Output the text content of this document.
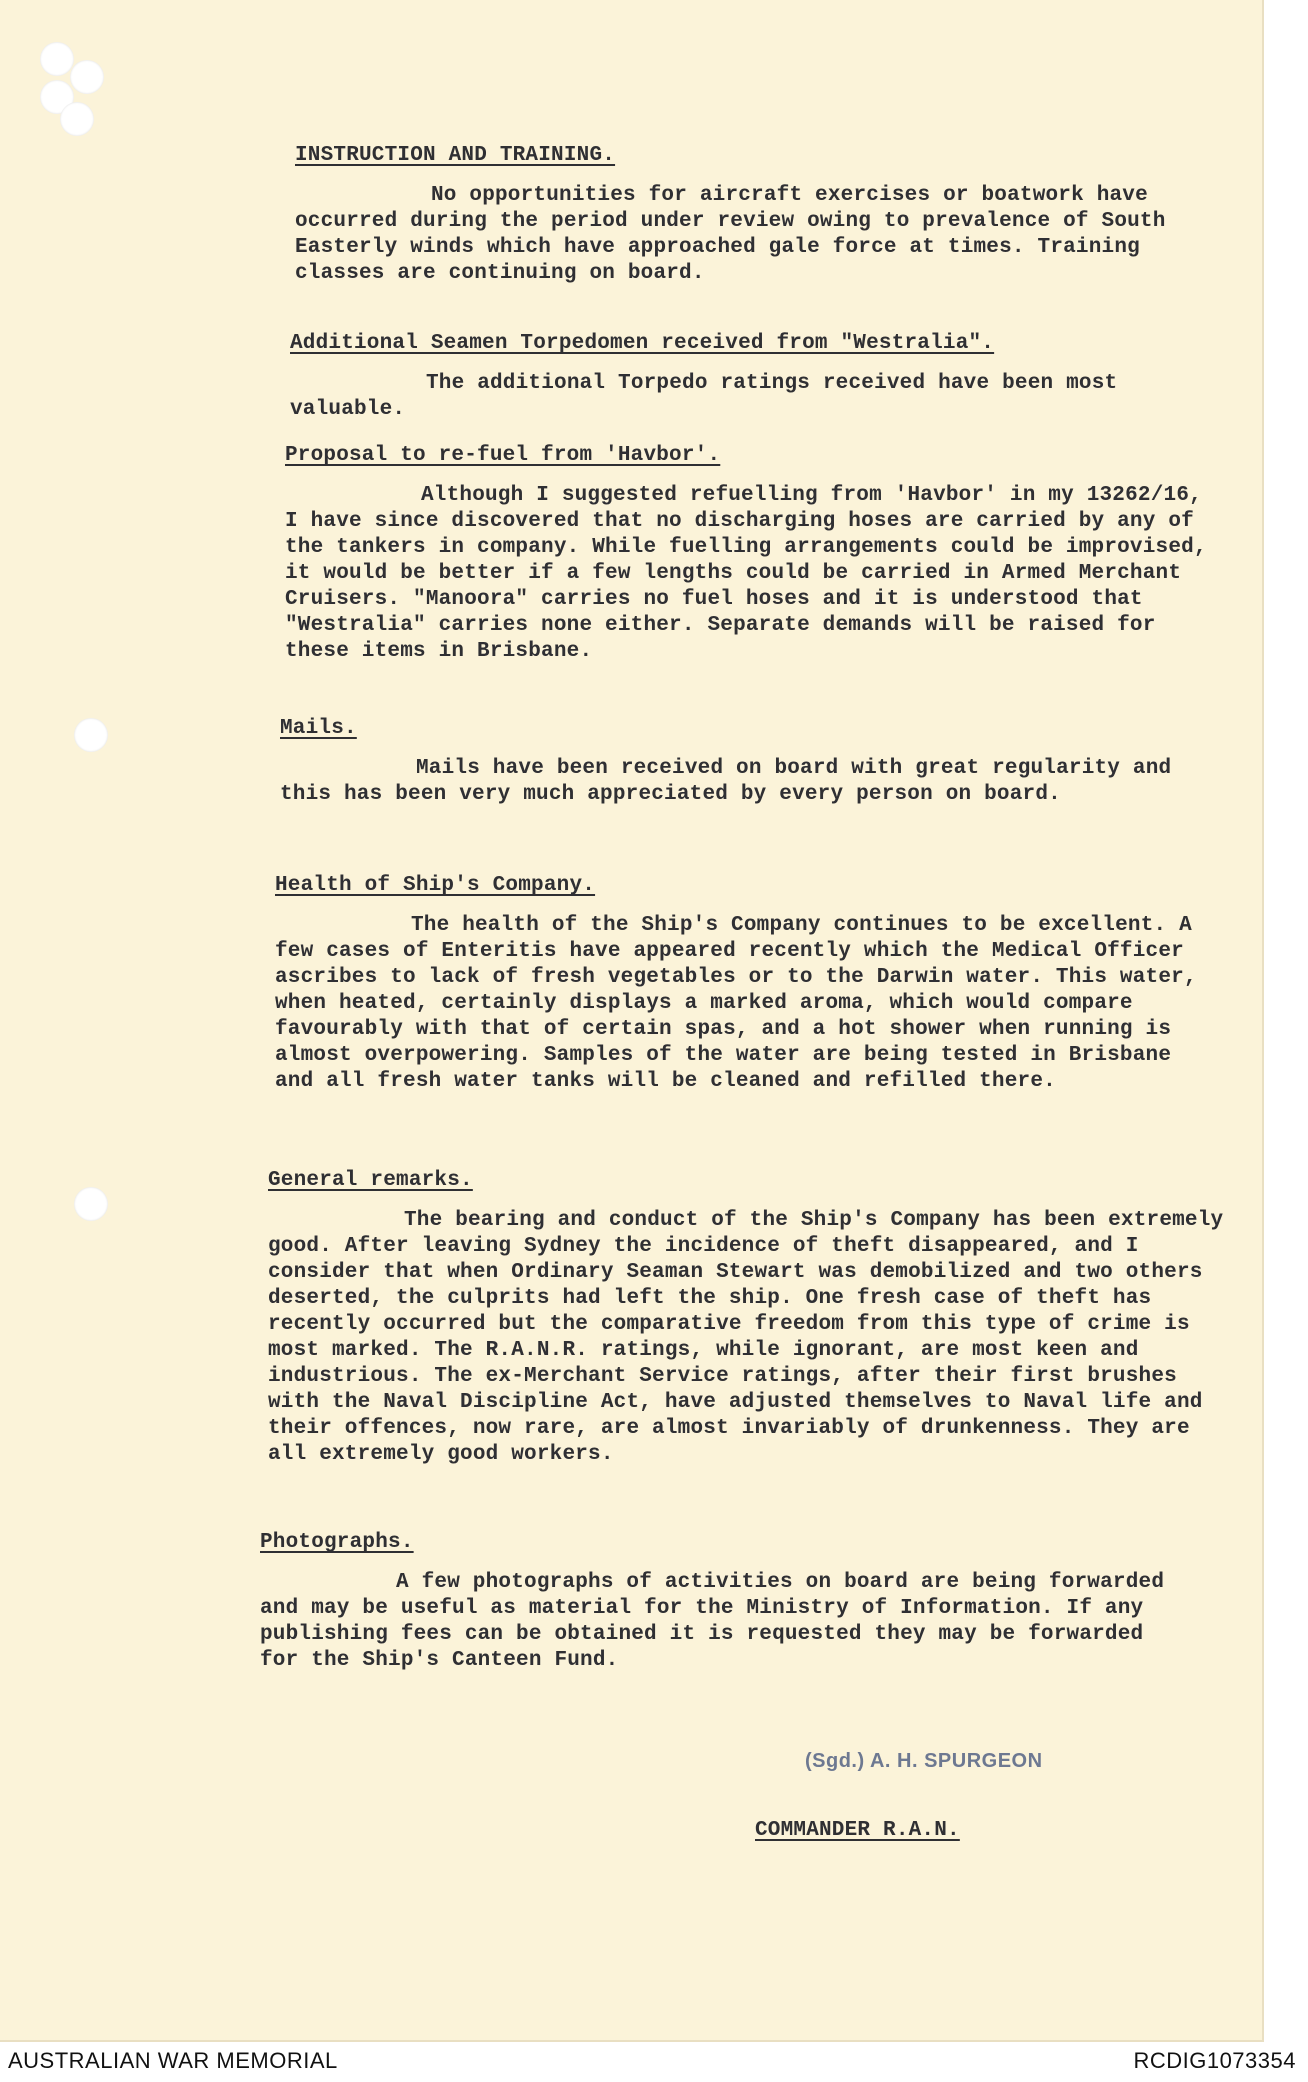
INSTRUCTION AND TRAINING.

No opportunities for aircraft exercises or boatwork have occurred during the period under review owing to prevalence of South Easterly winds which have approached gale force at times. Training classes are continuing on board.

Additional Seamen Torpedomen received from "Westralia".

The additional Torpedo ratings received have been most valuable.

Proposal to re-fuel from 'Havbor'.

Although I suggested refuelling from 'Havbor' in my 13262/16, I have since discovered that no discharging hoses are carried by any of the tankers in company. While fuelling arrangements could be improvised, it would be better if a few lengths could be carried in Armed Merchant Cruisers. "Manoora" carries no fuel hoses and it is understood that "Westralia" carries none either. Separate demands will be raised for these items in Brisbane.

Mails.

Mails have been received on board with great regularity and this has been very much appreciated by every person on board.

Health of Ship's Company.

The health of the Ship's Company continues to be excellent. A few cases of Enteritis have appeared recently which the Medical Officer ascribes to lack of fresh vegetables or to the Darwin water. This water, when heated, certainly displays a marked aroma, which would compare favourably with that of certain spas, and a hot shower when running is almost overpowering. Samples of the water are being tested in Brisbane and all fresh water tanks will be cleaned and refilled there.

General remarks.

The bearing and conduct of the Ship's Company has been extremely good. After leaving Sydney the incidence of theft disappeared, and I consider that when Ordinary Seaman Stewart was demobilized and two others deserted, the culprits had left the ship. One fresh case of theft has recently occurred but the comparative freedom from this type of crime is most marked. The R.A.N.R. ratings, while ignorant, are most keen and industrious. The ex-Merchant Service ratings, after their first brushes with the Naval Discipline Act, have adjusted themselves to Naval life and their offences, now rare, are almost invariably of drunkenness. They are all extremely good workers.

Photographs.

A few photographs of activities on board are being forwarded and may be useful as material for the Ministry of Information. If any publishing fees can be obtained it is requested they may be forwarded for the Ship's Canteen Fund.

(Sgd.) A. H. SPURGEON
COMMANDER R.A.N.
AUSTRALIAN WAR MEMORIAL	RCDIG1073354
